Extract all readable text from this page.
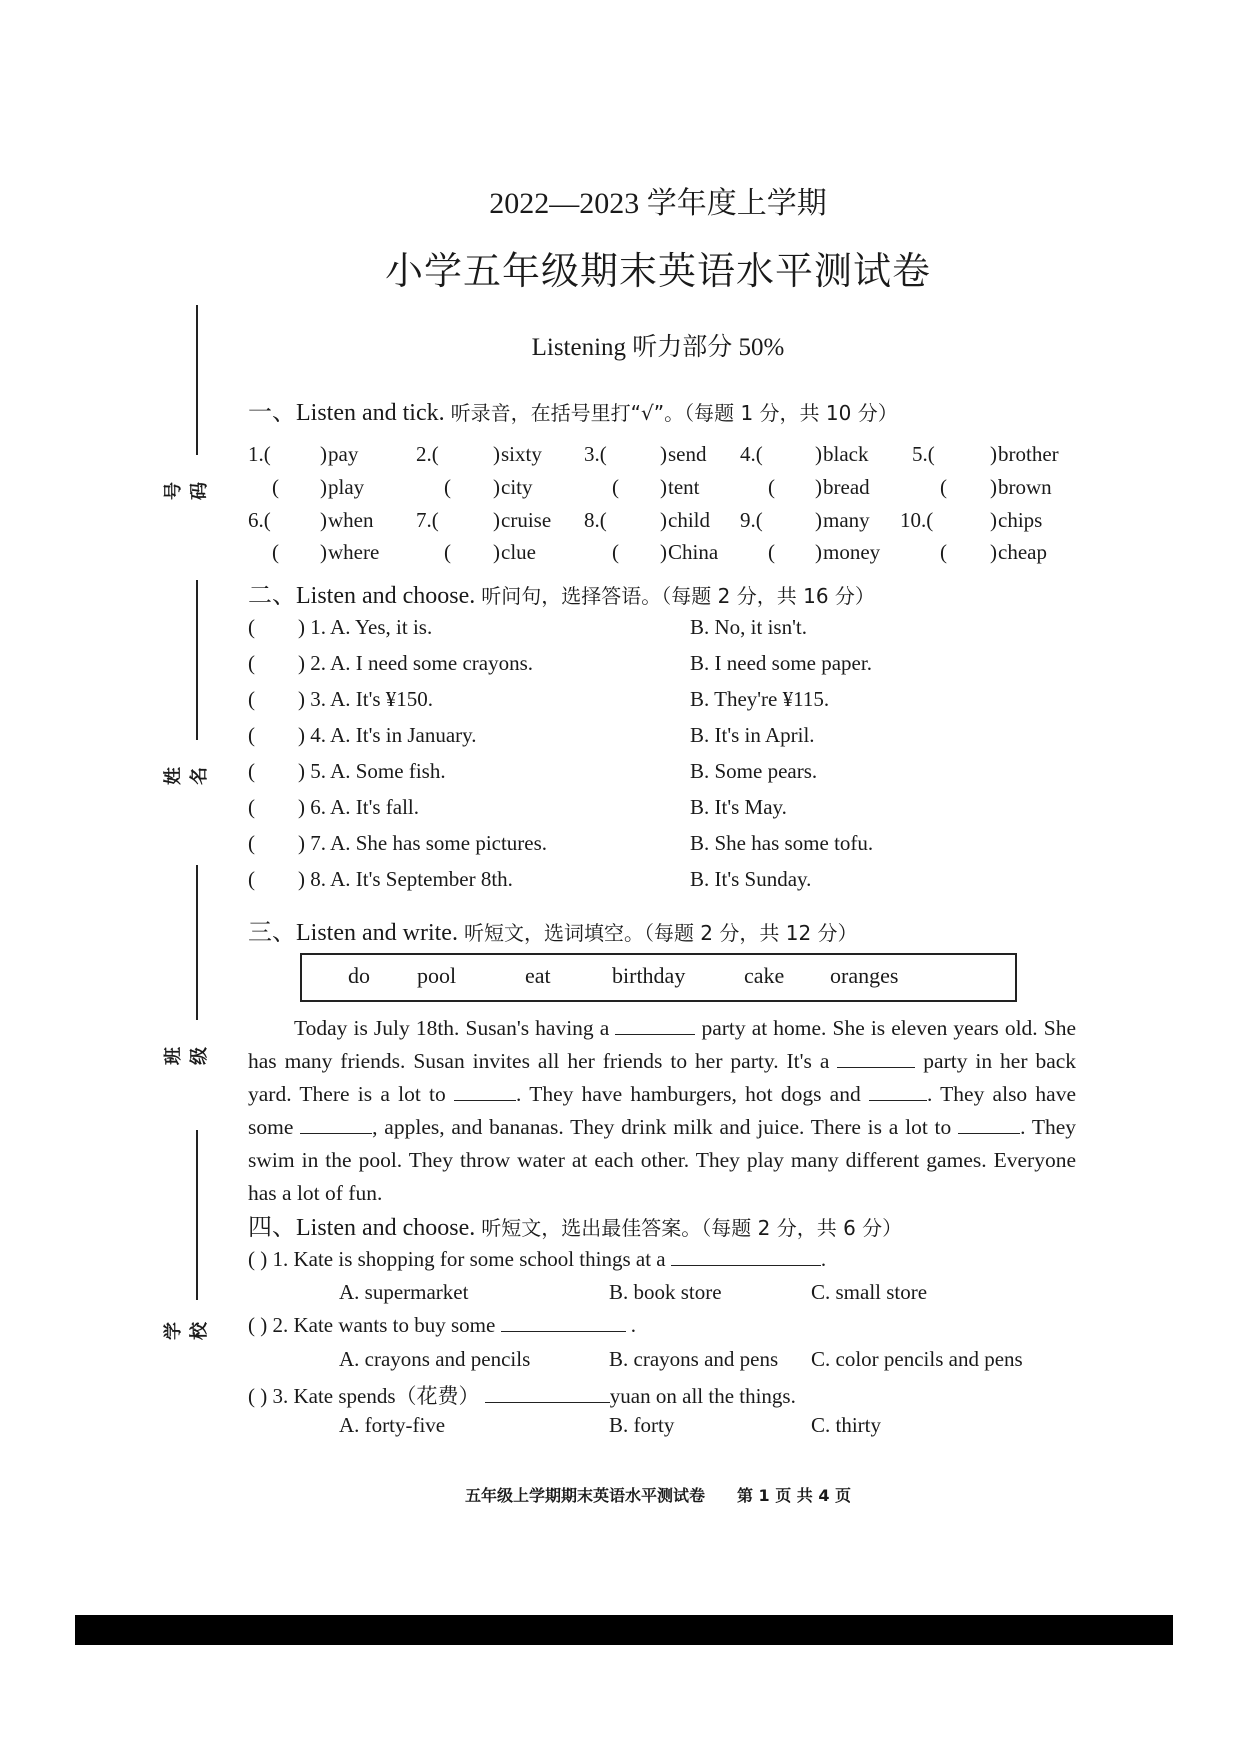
号码
姓名
班级
学校
2022—2023 学年度上学期
小学五年级期末英语水平测试卷
Listening 听力部分 50%
一、Listen and tick. 听录音，在括号里打“√”。（每题 1 分，共 10 分）
1.( ) pay	2.(	) sixty 3.(	) send 4.( ) black 5.(	) brother
( ) play	( ) city	( ) tent	( ) bread	( ) brown
6.( ) when 7.(	) cruise 8.(	) child 9.( ) many 10.(	) chips
( ) where	( ) clue	( ) China ( ) money	( ) cheap
二、Listen and choose. 听问句，选择答语。（每题 2 分，共 16 分）
( ) 1. A. Yes, it is.	B. No, it isn't.
( ) 2. A. I need some crayons.	B. I need some paper.
( ) 3. A. It's ¥150.	B. They're ¥115.
( ) 4. A. It's in January.	B. It's in April.
( ) 5. A. Some fish.	B. Some pears.
( ) 6. A. It's fall.	B. It's May.
( ) 7. A. She has some pictures.	B. She has some tofu.
( ) 8. A. It's September 8th.	B. It's Sunday.
三、Listen and write. 听短文，选词填空。（每题 2 分，共 12 分）
do pool	eat	birthday	cake oranges

Today is July 18th. Susan's having a	party at home. She is eleven years old. She has many friends. Susan invites all her friends to her party. It's a	party in her back yard. There is a lot to	. They have hamburgers, hot dogs and	. They also have some	, apples, and bananas. They drink milk and juice. There is a lot to	. They swim in the pool. They throw water at each other. They play many different games. Everyone has a lot of fun.

四、Listen and choose. 听短文，选出最佳答案。（每题 2 分，共 6 分）
( ) 1. Kate is shopping for some school things at a	.
A. supermarket	B. book store	C. small store
( ) 2. Kate wants to buy some	.
A. crayons and pencils	B. crayons and pens C. color pencils and pens
( ) 3. Kate spends（花费）	yuan on all the things.
A. forty-five	B. forty	C. thirty
五年级上学期期末英语水平测试卷　　第 1 页 共 4 页
